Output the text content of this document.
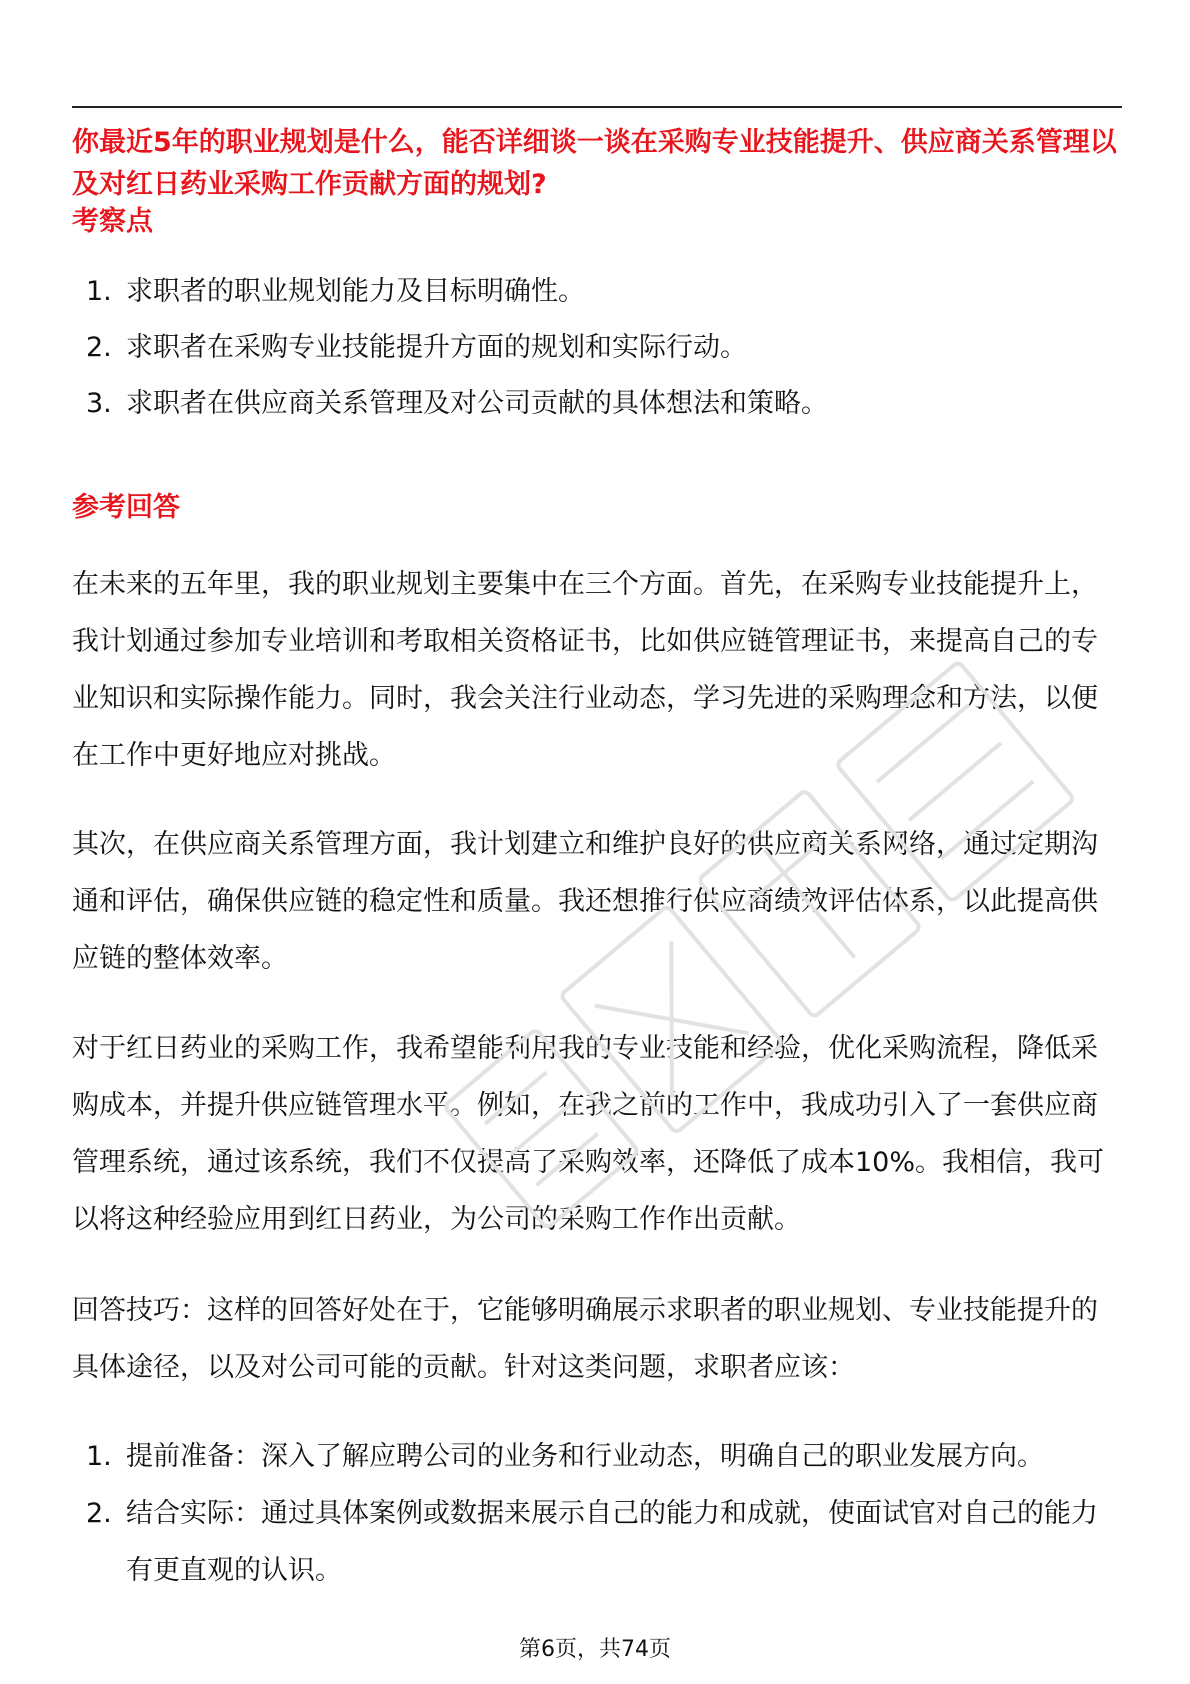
你最近5年的职业规划是什么，能否详细谈一谈在采购专业技能提升、供应商关系管理以及对红日药业采购工作贡献方面的规划?
考察点
1. 求职者的职业规划能力及目标明确性。
2. 求职者在采购专业技能提升方面的规划和实际行动。
3. 求职者在供应商关系管理及对公司贡献的具体想法和策略。
参考回答

在未来的五年里，我的职业规划主要集中在三个方面。首先，在采购专业技能提升上，我计划通过参加专业培训和考取相关资格证书，比如供应链管理证书，来提高自己的专业知识和实际操作能力。同时，我会关注行业动态，学习先进的采购理念和方法，以便在工作中更好地应对挑战。

其次，在供应商关系管理方面，我计划建立和维护良好的供应商关系网络，通过定期沟通和评估，确保供应链的稳定性和质量。我还想推行供应商绩效评估体系，以此提高供应链的整体效率。

对于红日药业的采购工作，我希望能利用我的专业技能和经验，优化采购流程，降低采购成本，并提升供应链管理水平。例如，在我之前的工作中，我成功引入了一套供应商管理系统，通过该系统，我们不仅提高了采购效率，还降低了成本10%。我相信，我可以将这种经验应用到红日药业，为公司的采购工作作出贡献。

回答技巧：这样的回答好处在于，它能够明确展示求职者的职业规划、专业技能提升的具体途径，以及对公司可能的贡献。针对这类问题，求职者应该：

1. 提前准备：深入了解应聘公司的业务和行业动态，明确自己的职业发展方向。
2. 结合实际：通过具体案例或数据来展示自己的能力和成就，使面试官对自己的能力有更直观的认识。
第6页，共74页
